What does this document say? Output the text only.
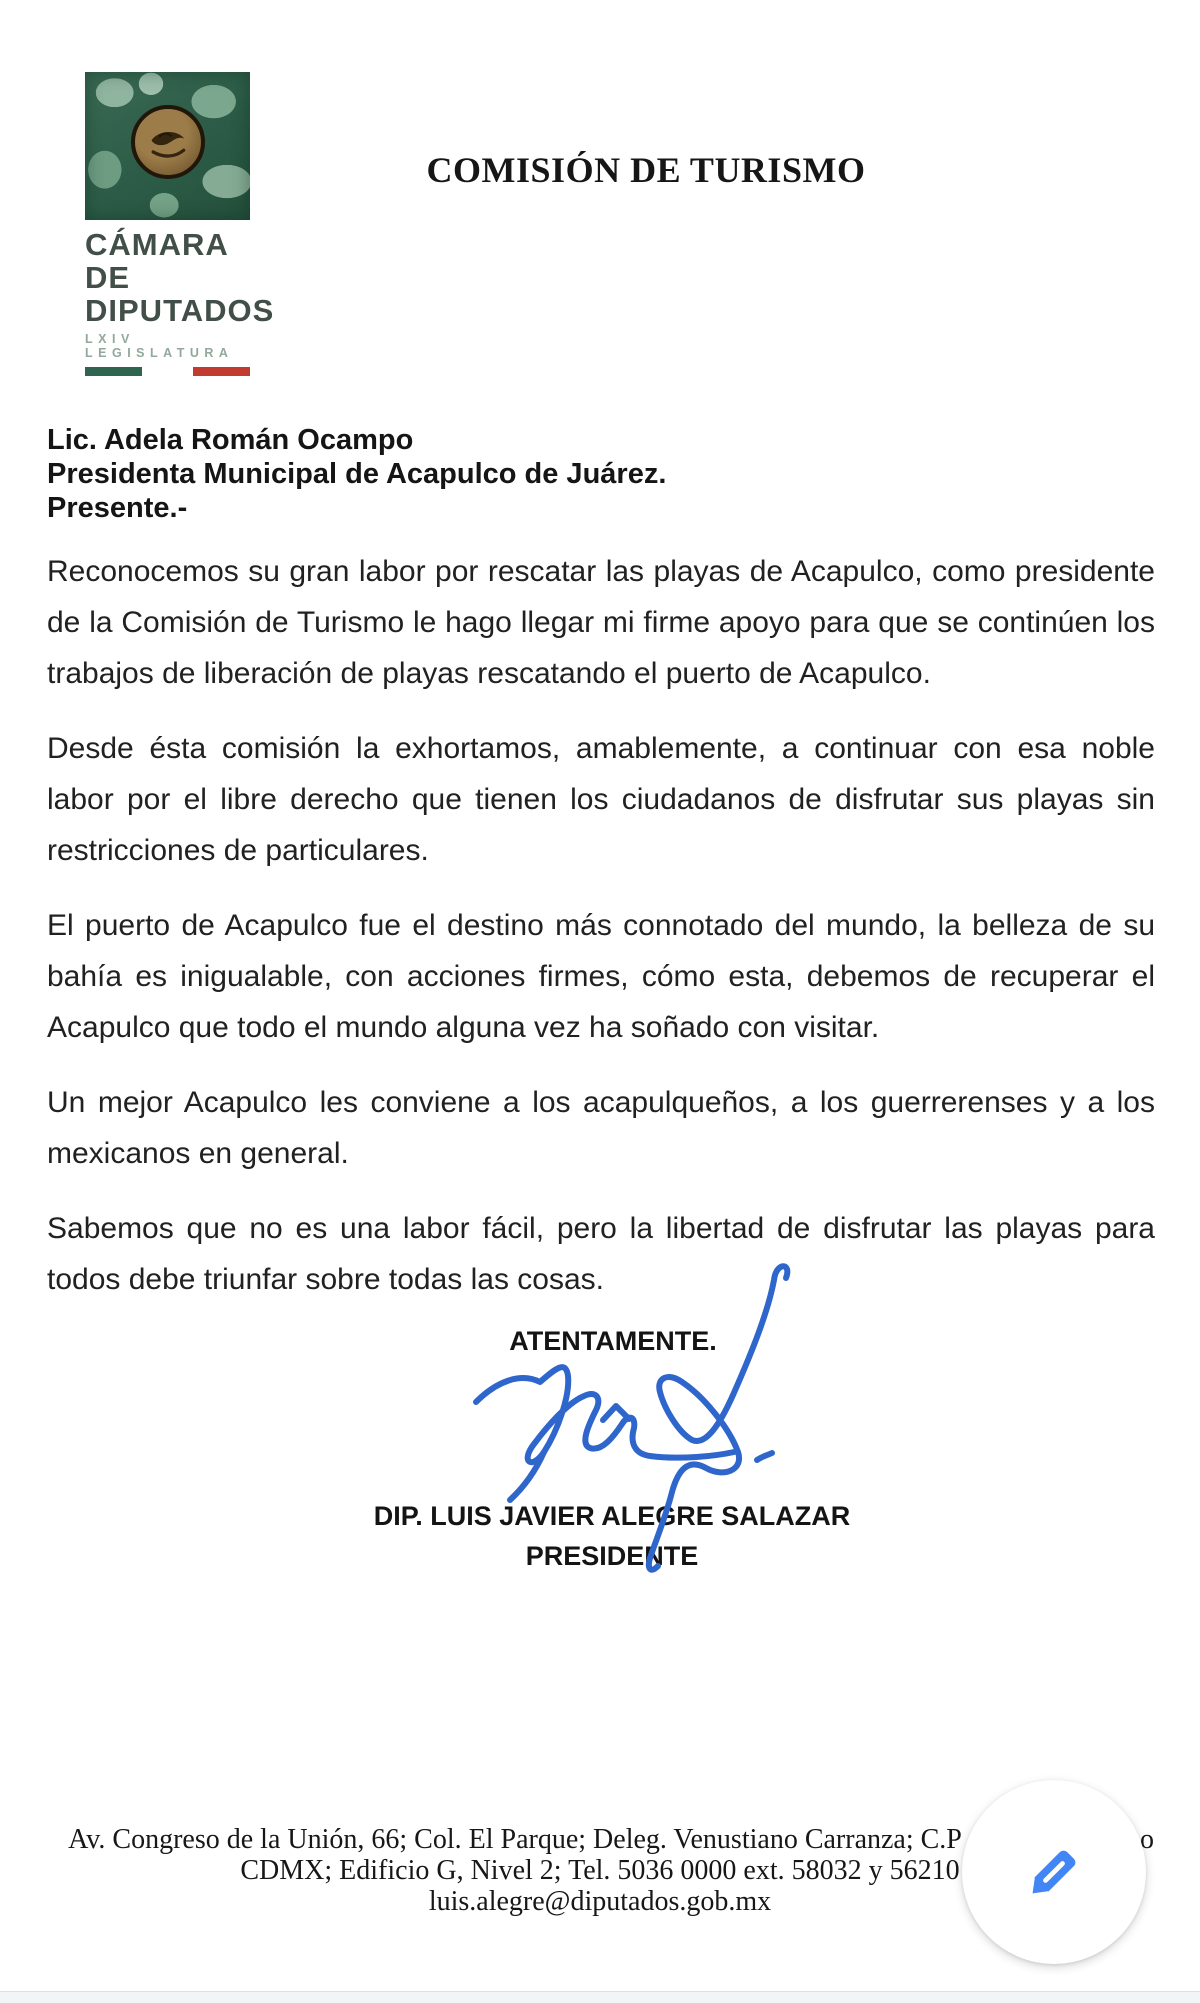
CÁMARA DE
DIPUTADOS
LXIV LEGISLATURA
COMISIÓN DE TURISMO
Lic. Adela Román Ocampo
Presidenta Municipal de Acapulco de Juárez.
Presente.-

Reconocemos su gran labor por rescatar las playas de Acapulco, como presidente de la Comisión de Turismo le hago llegar mi firme apoyo para que se continúen los trabajos de liberación de playas rescatando el puerto de Acapulco.

Desde ésta comisión la exhortamos, amablemente, a continuar con esa noble labor por el libre derecho que tienen los ciudadanos de disfrutar sus playas sin restricciones de particulares.

El puerto de Acapulco fue el destino más connotado del mundo, la belleza de su bahía es inigualable, con acciones firmes, cómo esta, debemos de recuperar el Acapulco que todo el mundo alguna vez ha soñado con visitar.

Un mejor Acapulco les conviene a los acapulqueños, a los guerrerenses y a los mexicanos en general.

Sabemos que no es una labor fácil, pero la libertad de disfrutar las playas para todos debe triunfar sobre todas las cosas.

ATENTAMENTE.
DIP. LUIS JAVIER ALEGRE SALAZAR
PRESIDENTE
Av. Congreso de la Unión, 66; Col. El Parque; Deleg. Venustiano Carranza; C.P	o
CDMX; Edificio G, Nivel 2; Tel. 5036 0000 ext. 58032 y 56210
luis.alegre@diputados.gob.mx
